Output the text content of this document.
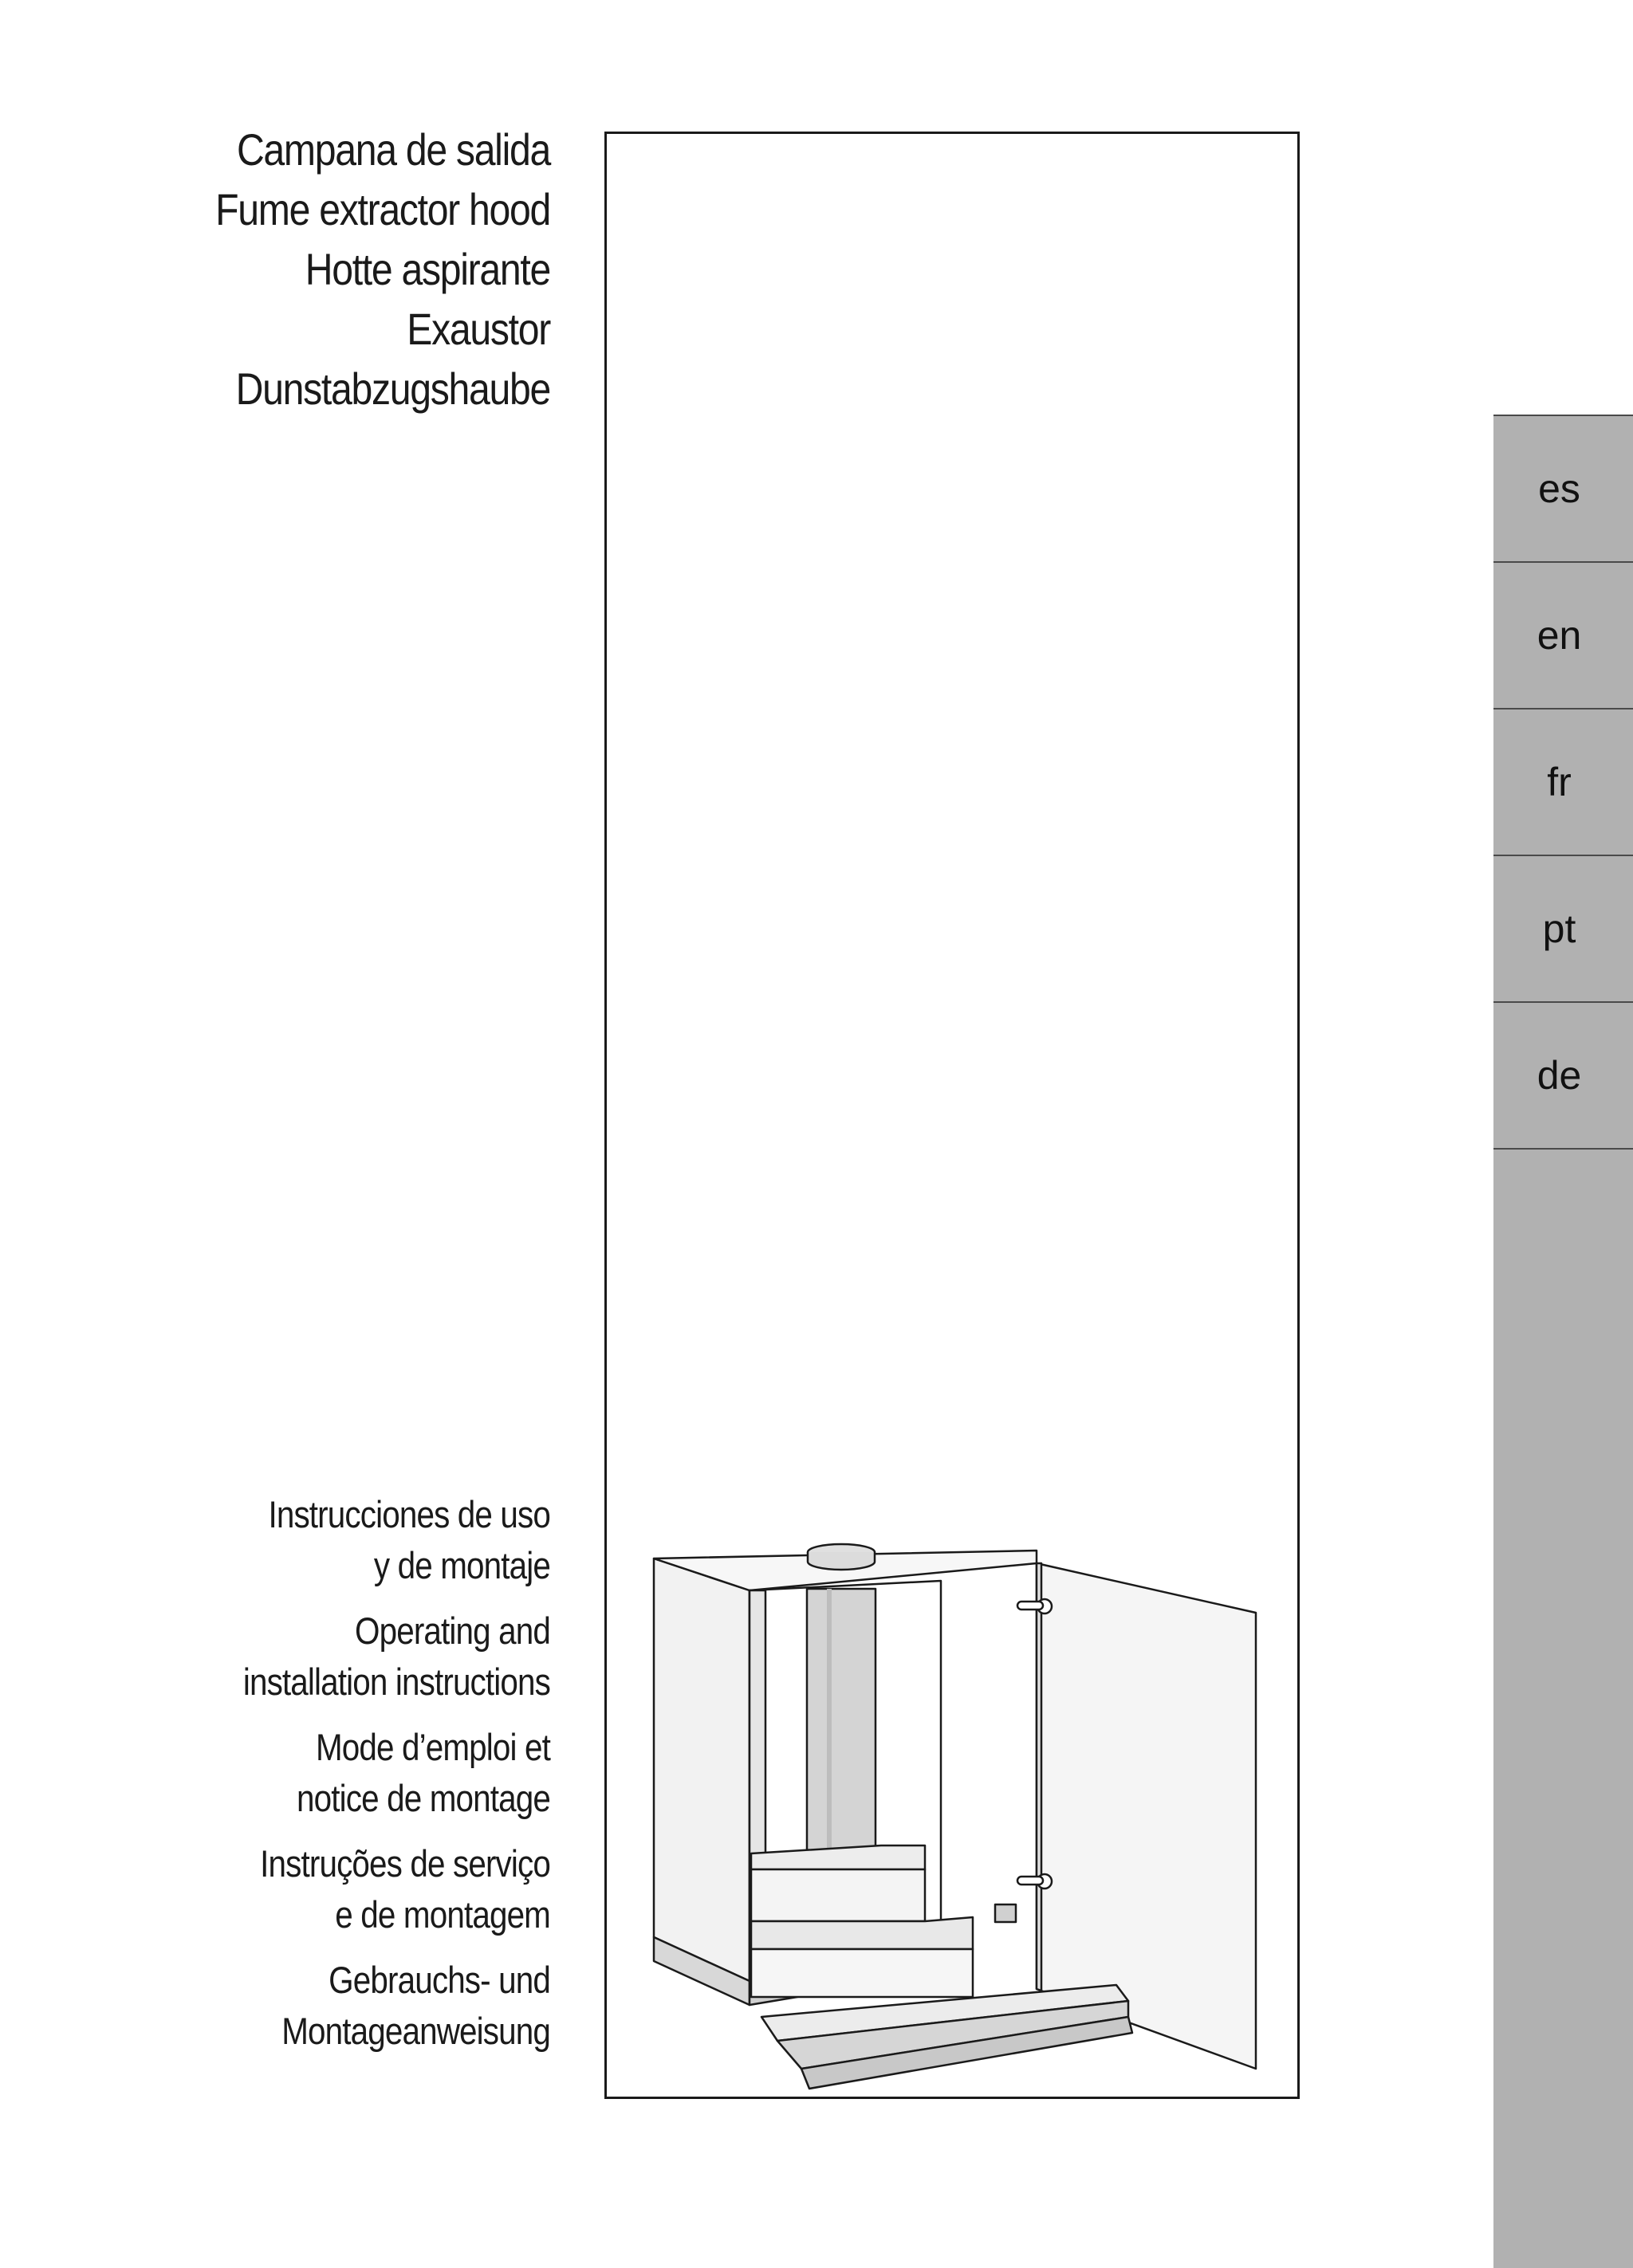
Campana de salida
Fume extractor hood
Hotte aspirante
Exaustor
Dunstabzugshaube
Instrucciones de uso
y de montaje
Operating and
installation instructions
Mode d’emploi et
notice de montage
Instruções de serviço
e de montagem
Gebrauchs- und
Montageanweisung
es
en
fr
pt
de
